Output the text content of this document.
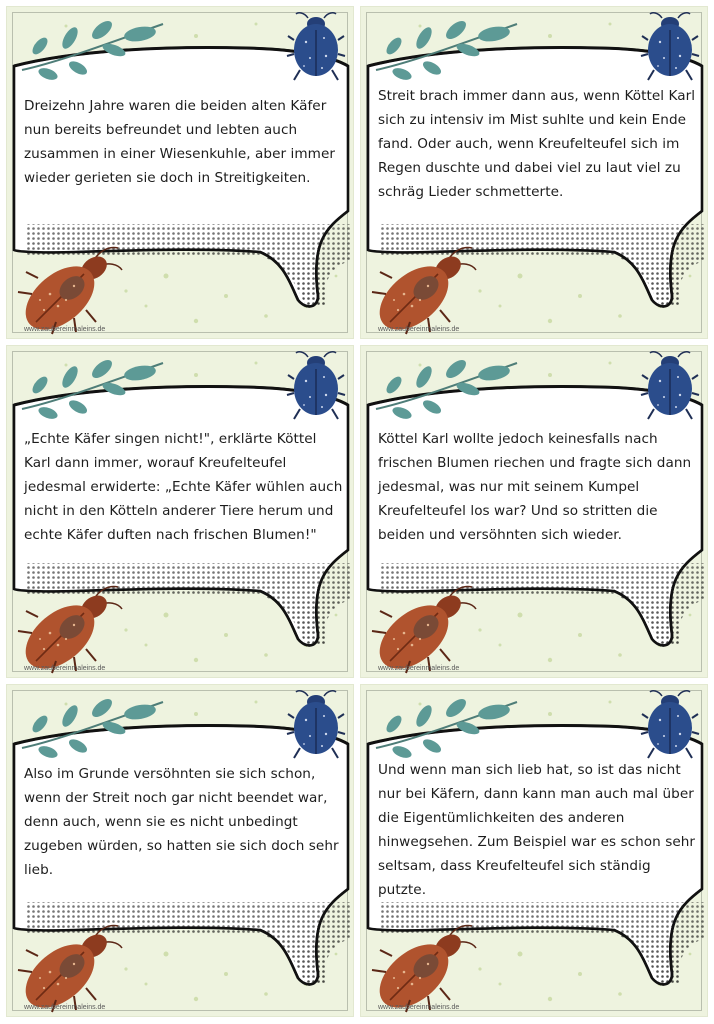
Dreizehn Jahre waren die beiden alten Käfer nun bereits befreundet und lebten auch zusammen in einer Wiesenkuhle, aber immer wieder gerieten sie doch in Streitigkeiten.

www.zaubereinmaleins.de

Streit brach immer dann aus, wenn Köttel Karl sich zu intensiv im Mist suhlte und kein Ende fand. Oder auch, wenn Kreufelteufel sich im Regen duschte und dabei viel zu laut viel zu schräg Lieder schmetterte.

www.zaubereinmaleins.de

„Echte Käfer singen nicht!", erklärte Köttel Karl dann immer, worauf Kreufelteufel jedesmal erwiderte: „Echte Käfer wühlen auch nicht in den Kötteln anderer Tiere herum und echte Käfer duften nach frischen Blumen!"

www.zaubereinmaleins.de

Köttel Karl wollte jedoch keinesfalls nach frischen Blumen riechen und fragte sich dann jedesmal, was nur mit seinem Kumpel Kreufelteufel los war? Und so stritten die beiden und versöhnten sich wieder.

www.zaubereinmaleins.de

Also im Grunde versöhnten sie sich schon, wenn der Streit noch gar nicht beendet war, denn auch, wenn sie es nicht unbedingt zugeben würden, so hatten sie sich doch sehr lieb.

www.zaubereinmaleins.de

Und wenn man sich lieb hat, so ist das nicht nur bei Käfern, dann kann man auch mal über die Eigentümlichkeiten des anderen hinwegsehen. Zum Beispiel war es schon sehr seltsam, dass Kreufelteufel sich ständig putzte.

www.zaubereinmaleins.de
